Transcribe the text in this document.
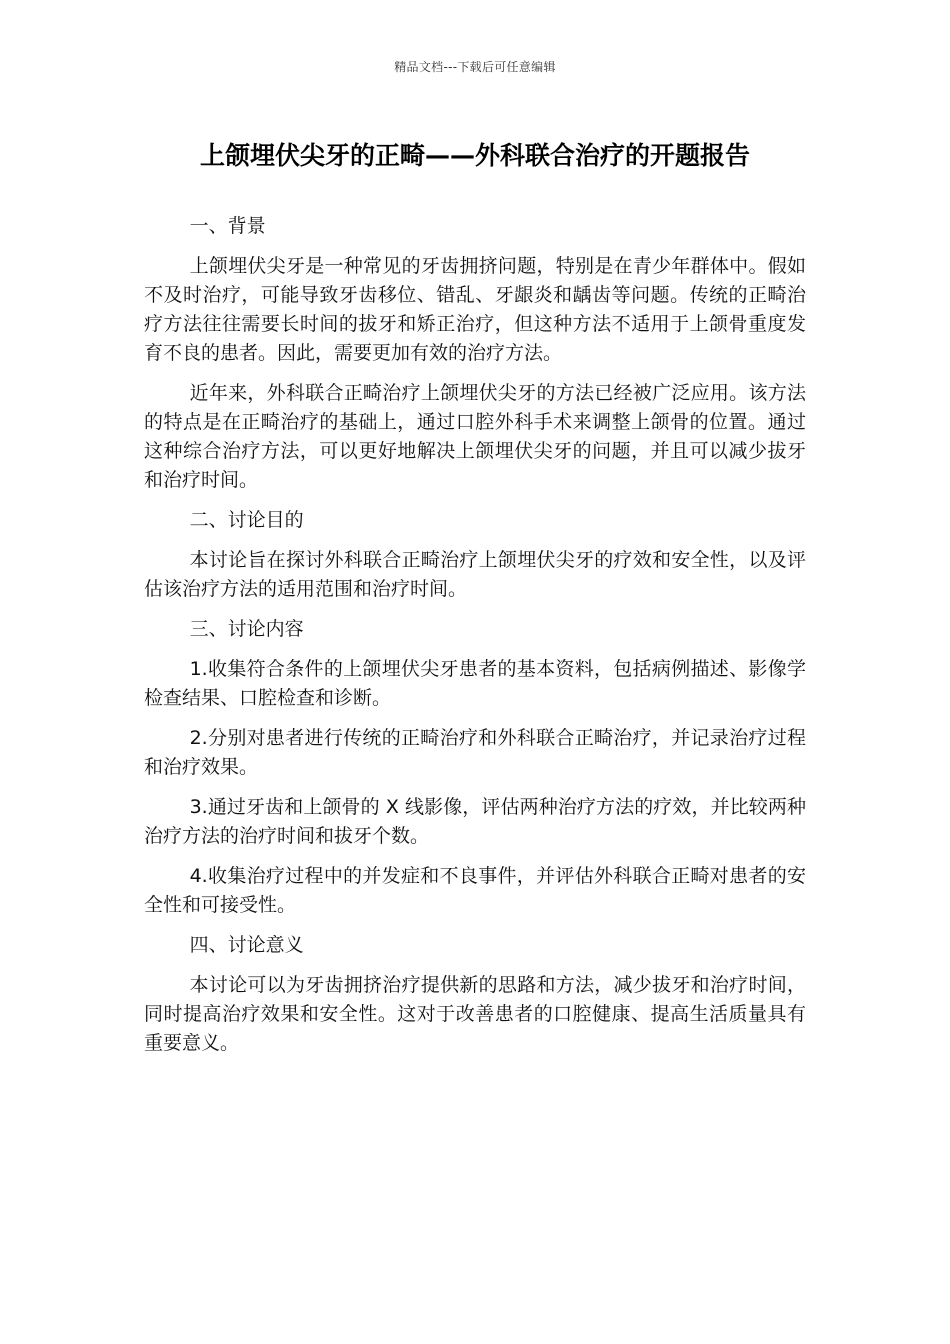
精品文档---下载后可任意编辑
上颌埋伏尖牙的正畸——外科联合治疗的开题报告

一、背景

上颌埋伏尖牙是一种常见的牙齿拥挤问题，特别是在青少年群体中。假如不及时治疗，可能导致牙齿移位、错乱、牙龈炎和龋齿等问题。传统的正畸治疗方法往往需要长时间的拔牙和矫正治疗，但这种方法不适用于上颌骨重度发育不良的患者。因此，需要更加有效的治疗方法。

近年来，外科联合正畸治疗上颌埋伏尖牙的方法已经被广泛应用。该方法的特点是在正畸治疗的基础上，通过口腔外科手术来调整上颌骨的位置。通过这种综合治疗方法，可以更好地解决上颌埋伏尖牙的问题，并且可以减少拔牙和治疗时间。

二、讨论目的

本讨论旨在探讨外科联合正畸治疗上颌埋伏尖牙的疗效和安全性，以及评估该治疗方法的适用范围和治疗时间。

三、讨论内容

1.收集符合条件的上颌埋伏尖牙患者的基本资料，包括病例描述、影像学检查结果、口腔检查和诊断。

2.分别对患者进行传统的正畸治疗和外科联合正畸治疗，并记录治疗过程和治疗效果。

3.通过牙齿和上颌骨的 X 线影像，评估两种治疗方法的疗效，并比较两种治疗方法的治疗时间和拔牙个数。

4.收集治疗过程中的并发症和不良事件，并评估外科联合正畸对患者的安全性和可接受性。

四、讨论意义

本讨论可以为牙齿拥挤治疗提供新的思路和方法，减少拔牙和治疗时间，同时提高治疗效果和安全性。这对于改善患者的口腔健康、提高生活质量具有重要意义。
